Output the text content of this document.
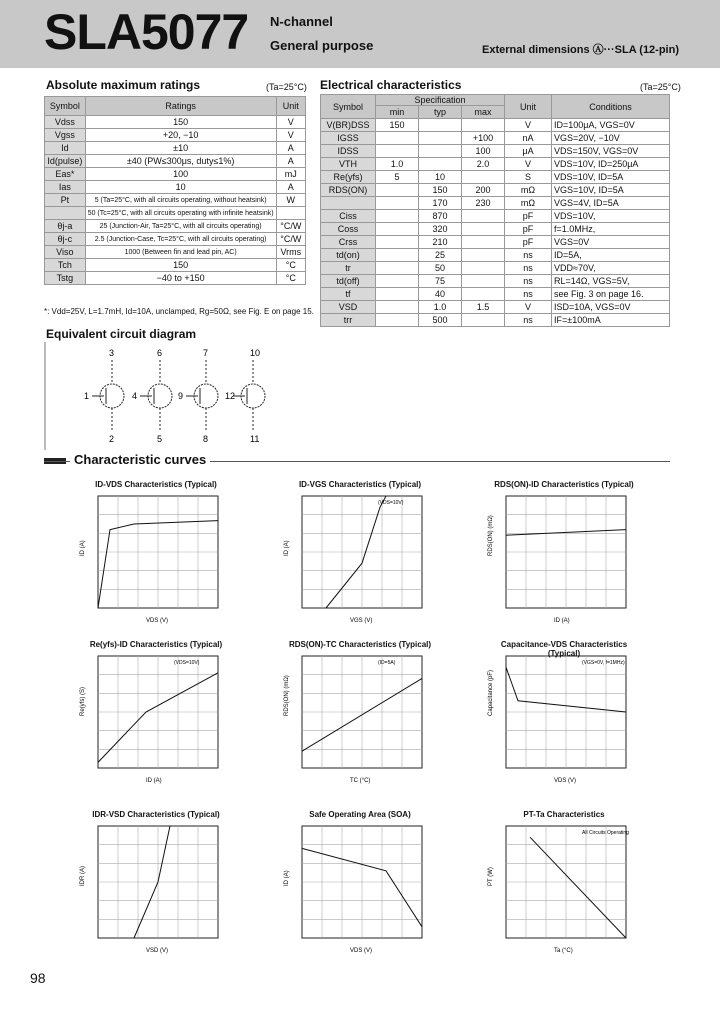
SLA5077 N-channel
General purpose	External dimensions Ⓐ···SLA (12-pin)
Absolute maximum ratings	(Ta=25°C)
Symbol	Ratings	Unit
Vdss	150	V
Vgss	+20, −10	V
Id	±10	A
Id(pulse)	±40 (PW≤300μs, duty≤1%)	A
Eas*	100	mJ
Ias	10	A
Pt	5 (Ta=25°C, with all circuits operating, without heatsink)	W
	50 (Tc=25°C, with all circuits operating with infinite heatsink)	
θj-a	25 (Junction-Air, Ta=25°C, with all circuits operating)	°C/W
θj-c	2.5 (Junction-Case, Tc=25°C, with all circuits operating)	°C/W
Viso	1000 (Between fin and lead pin, AC)	Vrms
Tch	150	°C
Tstg	−40 to +150	°C
*: Vdd=25V, L=1.7mH, Id=10A, unclamped, Rg=50Ω, see Fig. E on page 15.
Electrical characteristics	(Ta=25°C)
Symbol	Specification			Unit	Conditions
	min	typ	max		
V(BR)DSS	150			V	ID=100μA, VGS=0V
IGSS			+100	nA	VGS=20V, −10V
IDSS			100	μA	VDS=150V, VGS=0V
VTH	1.0		2.0	V	VDS=10V, ID=250μA
Re(yfs)	5	10		S	VDS=10V, ID=5A
RDS(ON)		150	200	mΩ	VGS=10V, ID=5A
		170	230	mΩ	VGS=4V, ID=5A
Ciss		870		pF	VDS=10V,
Coss		320		pF	f=1.0MHz,
Crss		210		pF	VGS=0V
td(on)		25		ns	ID=5A,
tr		50		ns	VDD≈70V,
td(off)		75		ns	RL=14Ω, VGS=5V,
tf		40		ns	see Fig. 3 on page 16.
VSD		1.0	1.5	V	ISD=10A, VGS=0V
trr		500		ns	IF=±100mA
Equivalent circuit diagram
3
1
2
6
4
5
7
9
8
10
12
11
Characteristic curves
ID-VDS Characteristics (Typical)
VDS (V)
ID (A)
ID-VGS Characteristics (Typical)
VGS (V)
ID (A)
(VDS=10V)
RDS(ON)-ID Characteristics (Typical)
ID (A)
RDS(ON) (mΩ)
Re(yfs)-ID Characteristics (Typical)
ID (A)
Re(yfs) (S)
(VDS=10V)
RDS(ON)-TC Characteristics (Typical)
TC (°C)
RDS(ON) (mΩ)
(ID=5A)
Capacitance-VDS Characteristics (Typical)
VDS (V)
Capacitance (pF)
(VGS=0V, f=1MHz)
IDR-VSD Characteristics (Typical)
VSD (V)
IDR (A)
Safe Operating Area (SOA)
VDS (V)
ID (A)
PT-Ta Characteristics
Ta (°C)
PT (W)
All Circuits Operating
98
